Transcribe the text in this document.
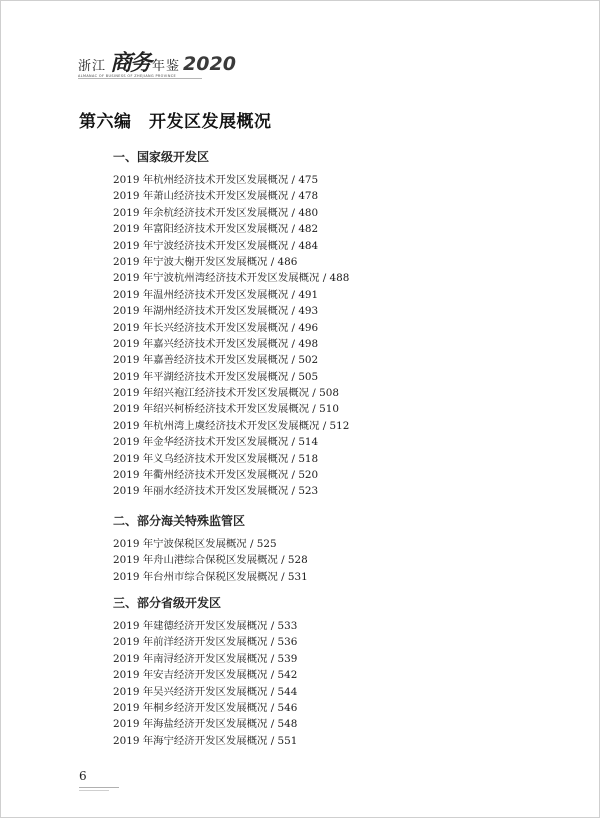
浙江 商务 年鉴 2020
ALMANAC OF BUSINESS OF ZHEJIANG PROVINCE
第六编　开发区发展概况
一、国家级开发区
2019 年杭州经济技术开发区发展概况 / 475
2019 年萧山经济技术开发区发展概况 / 478
2019 年余杭经济技术开发区发展概况 / 480
2019 年富阳经济技术开发区发展概况 / 482
2019 年宁波经济技术开发区发展概况 / 484
2019 年宁波大榭开发区发展概况 / 486
2019 年宁波杭州湾经济技术开发区发展概况 / 488
2019 年温州经济技术开发区发展概况 / 491
2019 年湖州经济技术开发区发展概况 / 493
2019 年长兴经济技术开发区发展概况 / 496
2019 年嘉兴经济技术开发区发展概况 / 498
2019 年嘉善经济技术开发区发展概况 / 502
2019 年平湖经济技术开发区发展概况 / 505
2019 年绍兴袍江经济技术开发区发展概况 / 508
2019 年绍兴柯桥经济技术开发区发展概况 / 510
2019 年杭州湾上虞经济技术开发区发展概况 / 512
2019 年金华经济技术开发区发展概况 / 514
2019 年义乌经济技术开发区发展概况 / 518
2019 年衢州经济技术开发区发展概况 / 520
2019 年丽水经济技术开发区发展概况 / 523
二、部分海关特殊监管区
2019 年宁波保税区发展概况 / 525
2019 年舟山港综合保税区发展概况 / 528
2019 年台州市综合保税区发展概况 / 531
三、部分省级开发区
2019 年建德经济开发区发展概况 / 533
2019 年前洋经济开发区发展概况 / 536
2019 年南浔经济开发区发展概况 / 539
2019 年安吉经济开发区发展概况 / 542
2019 年吴兴经济开发区发展概况 / 544
2019 年桐乡经济开发区发展概况 / 546
2019 年海盐经济开发区发展概况 / 548
2019 年海宁经济开发区发展概况 / 551
6
